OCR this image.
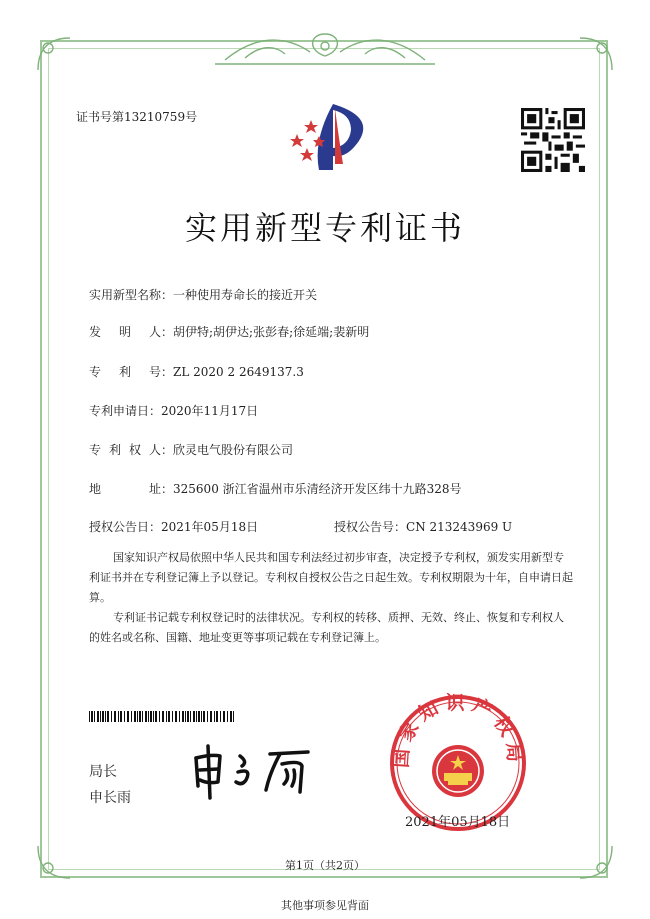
证书号第13210759号
实用新型专利证书
实用新型名称：一种使用寿命长的接近开关
发明人：胡伊特;胡伊达;张彭春;徐延端;裴新明
专利号：ZL 2020 2 2649137.3
专利申请日：2020年11月17日
专利权人：欣灵电气股份有限公司
地址：325600 浙江省温州市乐清经济开发区纬十九路328号
授权公告日：2021年05月18日	授权公告号：CN 213243969 U
国家知识产权局依照中华人民共和国专利法经过初步审查，决定授予专利权，颁发实用新型专利证书并在专利登记簿上予以登记。专利权自授权公告之日起生效。专利权期限为十年，自申请日起算。
专利证书记载专利权登记时的法律状况。专利权的转移、质押、无效、终止、恢复和专利权人的姓名或名称、国籍、地址变更等事项记载在专利登记簿上。
局长
申长雨
国家知识产权局
2021年05月18日
第1页（共2页）
其他事项参见背面
